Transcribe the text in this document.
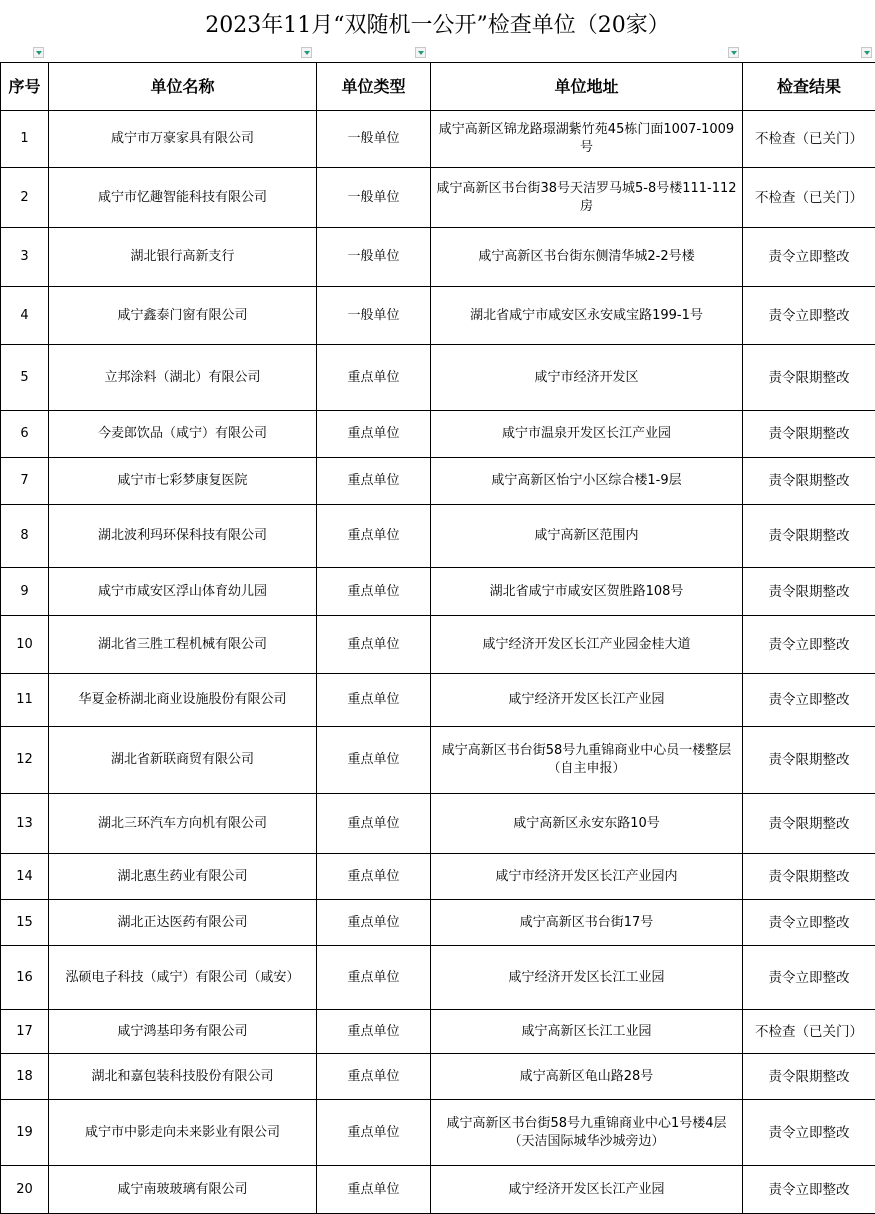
2023年11月“双随机一公开”检查单位（20家）
序号	单位名称	单位类型	单位地址	检查结果
1	咸宁市万豪家具有限公司	一般单位	咸宁高新区锦龙路璟湖紫竹苑45栋门面1007-1009号	不检查（已关门）
2	咸宁市忆趣智能科技有限公司	一般单位	咸宁高新区书台街38号天洁罗马城5-8号楼111-112房	不检查（已关门）
3	湖北银行高新支行	一般单位	咸宁高新区书台街东侧清华城2-2号楼	责令立即整改
4	咸宁鑫泰门窗有限公司	一般单位	湖北省咸宁市咸安区永安咸宝路199-1号	责令立即整改
5	立邦涂料（湖北）有限公司	重点单位	咸宁市经济开发区	责令限期整改
6	今麦郎饮品（咸宁）有限公司	重点单位	咸宁市温泉开发区长江产业园	责令限期整改
7	咸宁市七彩梦康复医院	重点单位	咸宁高新区怡宁小区综合楼1-9层	责令限期整改
8	湖北波利玛环保科技有限公司	重点单位	咸宁高新区范围内	责令限期整改
9	咸宁市咸安区浮山体育幼儿园	重点单位	湖北省咸宁市咸安区贺胜路108号	责令限期整改
10	湖北省三胜工程机械有限公司	重点单位	咸宁经济开发区长江产业园金桂大道	责令立即整改
11	华夏金桥湖北商业设施股份有限公司	重点单位	咸宁经济开发区长江产业园	责令立即整改
12	湖北省新联商贸有限公司	重点单位	咸宁高新区书台街58号九重锦商业中心员一楼整层（自主申报）	责令限期整改
13	湖北三环汽车方向机有限公司	重点单位	咸宁高新区永安东路10号	责令限期整改
14	湖北惠生药业有限公司	重点单位	咸宁市经济开发区长江产业园内	责令限期整改
15	湖北正达医药有限公司	重点单位	咸宁高新区书台街17号	责令立即整改
16	泓硕电子科技（咸宁）有限公司（咸安）	重点单位	咸宁经济开发区长江工业园	责令立即整改
17	咸宁鸿基印务有限公司	重点单位	咸宁高新区长江工业园	不检查（已关门）
18	湖北和嘉包装科技股份有限公司	重点单位	咸宁高新区龟山路28号	责令限期整改
19	咸宁市中影走向未来影业有限公司	重点单位	咸宁高新区书台街58号九重锦商业中心1号楼4层（天洁国际城华沙城旁边）	责令立即整改
20	咸宁南玻玻璃有限公司	重点单位	咸宁经济开发区长江产业园	责令立即整改
